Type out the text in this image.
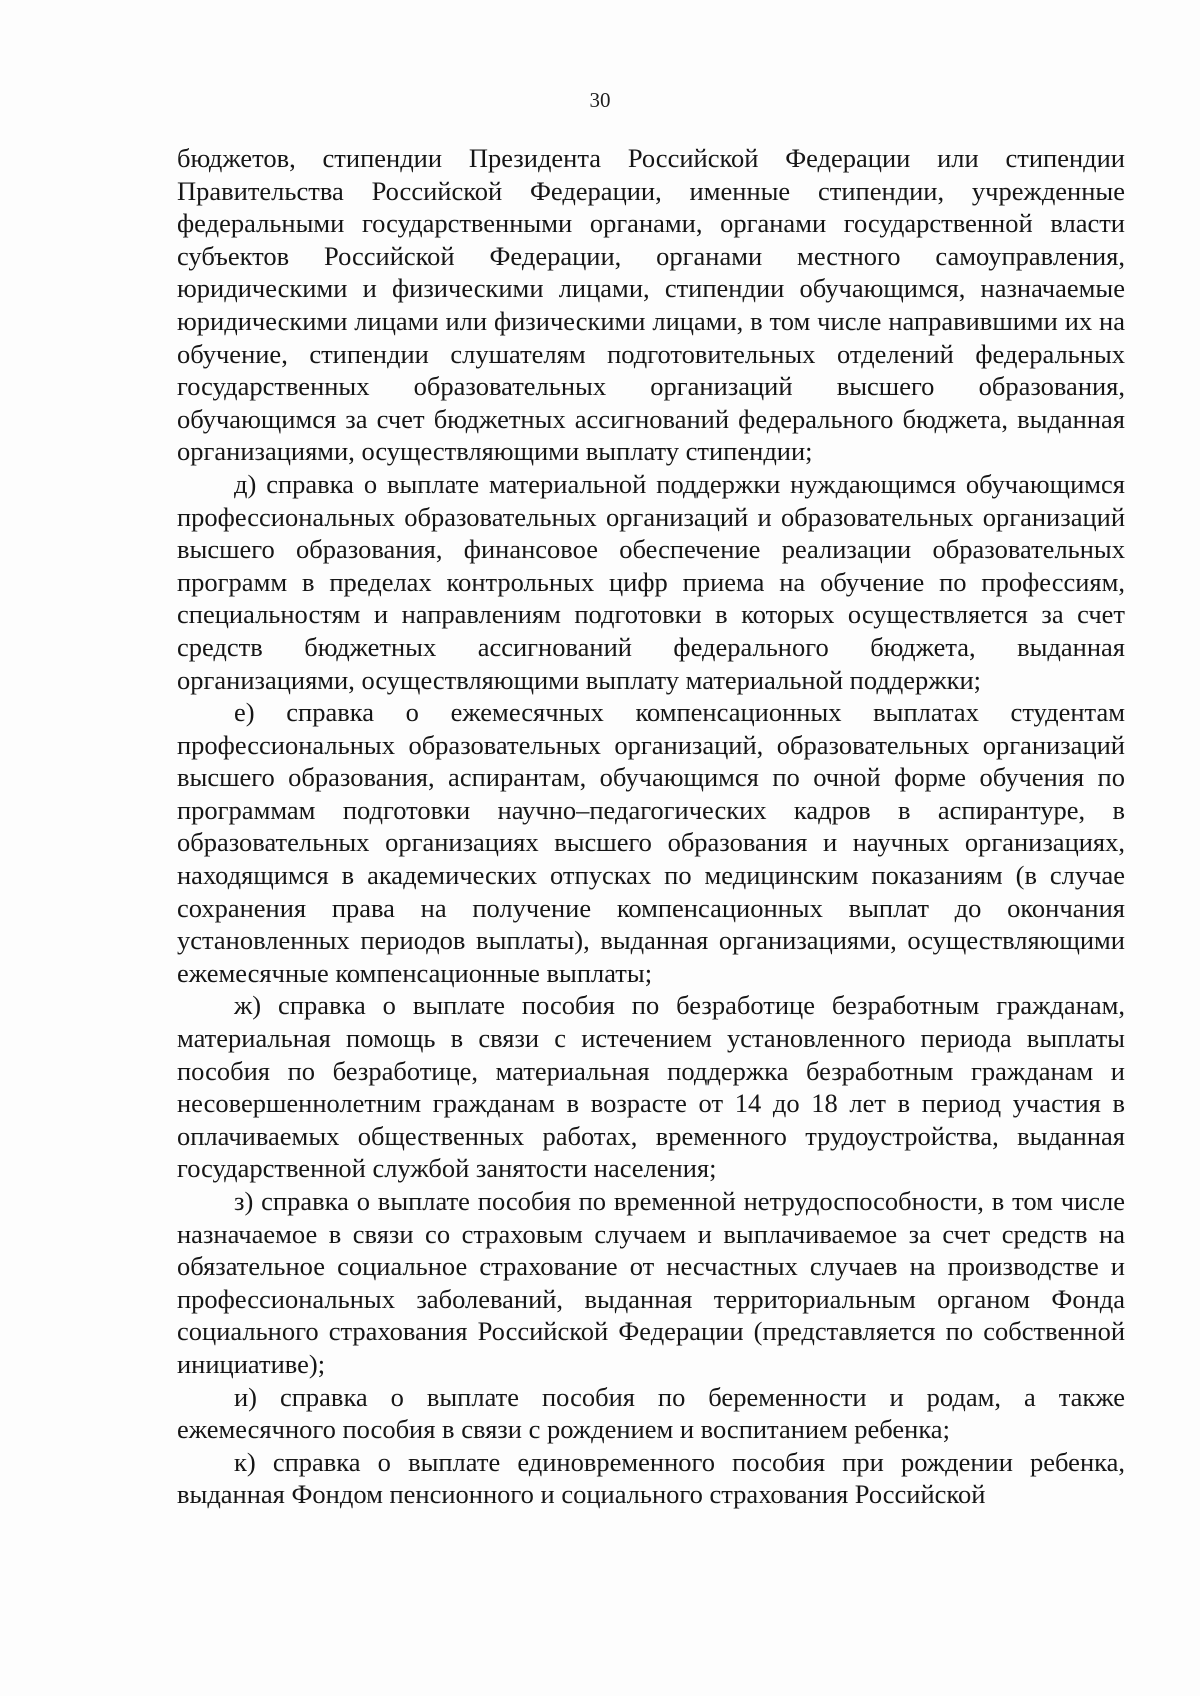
30

бюджетов, стипендии Президента Российской Федерации или стипендии Правительства Российской Федерации, именные стипендии, учрежденные федеральными государственными органами, органами государственной власти субъектов Российской Федерации, органами местного самоуправления, юридическими и физическими лицами, стипендии обучающимся, назначаемые юридическими лицами или физическими лицами, в том числе направившими их на обучение, стипендии слушателям подготовительных отделений федеральных государственных образовательных организаций высшего образования, обучающимся за счет бюджетных ассигнований федерального бюджета, выданная организациями, осуществляющими выплату стипендии;

д) справка о выплате материальной поддержки нуждающимся обучающимся профессиональных образовательных организаций и образовательных организаций высшего образования, финансовое обеспечение реализации образовательных программ в пределах контрольных цифр приема на обучение по профессиям, специальностям и направлениям подготовки в которых осуществляется за счет средств бюджетных ассигнований федерального бюджета, выданная организациями, осуществляющими выплату материальной поддержки;

е) справка о ежемесячных компенсационных выплатах студентам профессиональных образовательных организаций, образовательных организаций высшего образования, аспирантам, обучающимся по очной форме обучения по программам подготовки научно–педагогических кадров в аспирантуре, в образовательных организациях высшего образования и научных организациях, находящимся в академических отпусках по медицинским показаниям (в случае сохранения права на получение компенсационных выплат до окончания установленных периодов выплаты), выданная организациями, осуществляющими ежемесячные компенсационные выплаты;

ж) справка о выплате пособия по безработице безработным гражданам, материальная помощь в связи с истечением установленного периода выплаты пособия по безработице, материальная поддержка безработным гражданам и несовершеннолетним гражданам в возрасте от 14 до 18 лет в период участия в оплачиваемых общественных работах, временного трудоустройства, выданная государственной службой занятости населения;

з) справка о выплате пособия по временной нетрудоспособности, в том числе назначаемое в связи со страховым случаем и выплачиваемое за счет средств на обязательное социальное страхование от несчастных случаев на производстве и профессиональных заболеваний, выданная территориальным органом Фонда социального страхования Российской Федерации (представляется по собственной инициативе);

и) справка о выплате пособия по беременности и родам, а также ежемесячного пособия в связи с рождением и воспитанием ребенка;

к) справка о выплате единовременного пособия при рождении ребенка, выданная Фондом пенсионного и социального страхования Российской
